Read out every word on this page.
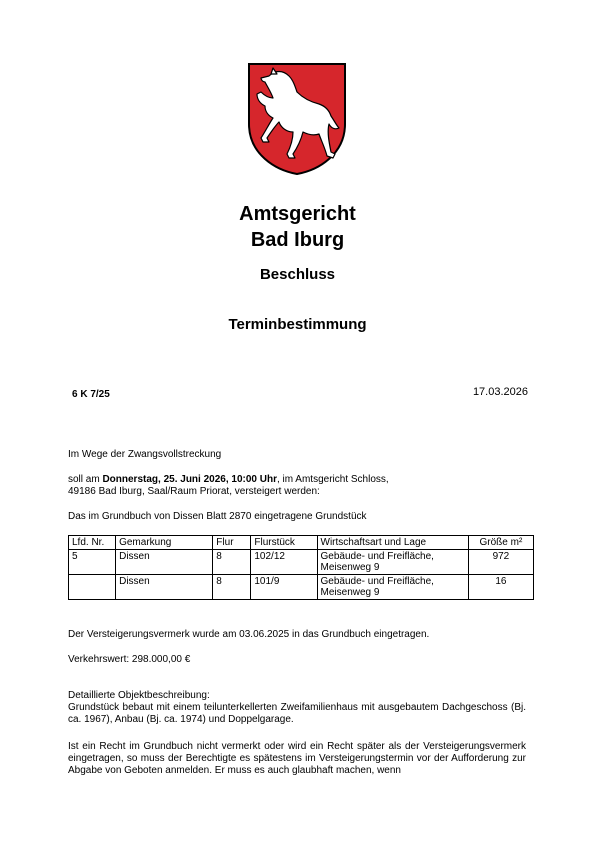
Amtsgericht
Bad Iburg
Beschluss
Terminbestimmung
6 K 7/25	17.03.2026

Im Wege der Zwangsvollstreckung

soll am Donnerstag, 25. Juni 2026, 10:00 Uhr, im Amtsgericht Schloss,
49186 Bad Iburg, Saal/Raum Priorat, versteigert werden:

Das im Grundbuch von Dissen Blatt 2870 eingetragene Grundstück

Lfd. Nr.	Gemarkung	Flur	Flurstück	Wirtschaftsart und Lage	Größe m²
5	Dissen	8	102/12	Gebäude- und Freifläche,
Meisenweg 9	972
	Dissen	8	101/9	Gebäude- und Freifläche,
Meisenweg 9	16

Der Versteigerungsvermerk wurde am 03.06.2025 in das Grundbuch eingetragen.

Verkehrswert: 298.000,00 €

Detaillierte Objektbeschreibung:
Grundstück bebaut mit einem teilunterkellerten Zweifamilienhaus mit ausgebautem Dachgeschoss (Bj. ca. 1967), Anbau (Bj. ca. 1974) und Doppelgarage.

Ist ein Recht im Grundbuch nicht vermerkt oder wird ein Recht später als der Versteigerungsvermerk eingetragen, so muss der Berechtigte es spätestens im Versteigerungstermin vor der Aufforderung zur Abgabe von Geboten anmelden. Er muss es auch glaubhaft machen, wenn
